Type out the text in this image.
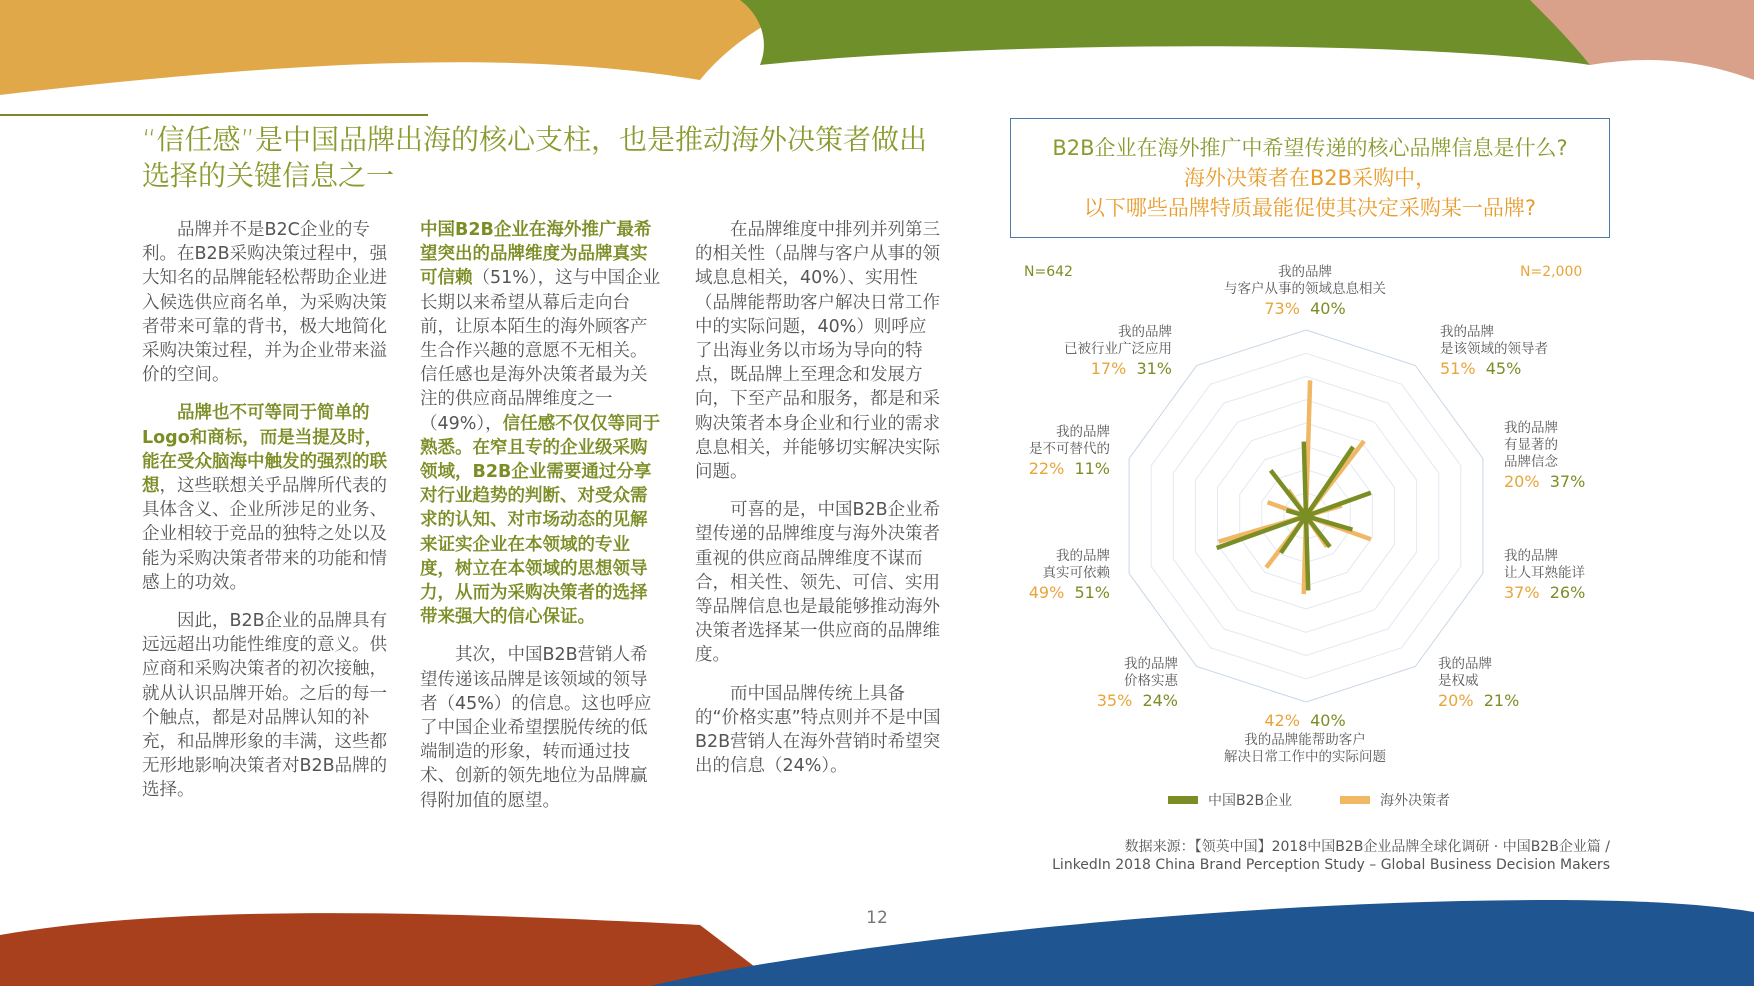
“信任感”是中国品牌出海的核心支柱，也是推动海外决策者做出选择的关键信息之一

品牌并不是B2C企业的专利。在B2B采购决策过程中，强大知名的品牌能轻松帮助企业进入候选供应商名单，为采购决策者带来可靠的背书，极大地简化采购决策过程，并为企业带来溢价的空间。

品牌也不可等同于简单的Logo和商标，而是当提及时，能在受众脑海中触发的强烈的联想，这些联想关乎品牌所代表的具体含义、企业所涉足的业务、企业相较于竞品的独特之处以及能为采购决策者带来的功能和情感上的功效。

因此，B2B企业的品牌具有远远超出功能性维度的意义。供应商和采购决策者的初次接触，就从认识品牌开始。之后的每一个触点，都是对品牌认知的补充，和品牌形象的丰满，这些都无形地影响决策者对B2B品牌的选择。

中国B2B企业在海外推广最希望突出的品牌维度为品牌真实可信赖（51%），这与中国企业长期以来希望从幕后走向台前，让原本陌生的海外顾客产生合作兴趣的意愿不无相关。信任感也是海外决策者最为关注的供应商品牌维度之一（49%），信任感不仅仅等同于熟悉。在窄且专的企业级采购领域，B2B企业需要通过分享对行业趋势的判断、对受众需求的认知、对市场动态的见解来证实企业在本领域的专业度，树立在本领域的思想领导力，从而为采购决策者的选择带来强大的信心保证。

其次，中国B2B营销人希望传递该品牌是该领域的领导者（45%）的信息。这也呼应了中国企业希望摆脱传统的低端制造的形象，转而通过技术、创新的领先地位为品牌赢得附加值的愿望。

在品牌维度中排列并列第三的相关性（品牌与客户从事的领域息息相关，40%）、实用性（品牌能帮助客户解决日常工作中的实际问题，40%）则呼应了出海业务以市场为导向的特点，既品牌上至理念和发展方向，下至产品和服务，都是和采购决策者本身企业和行业的需求息息相关，并能够切实解决实际问题。

可喜的是，中国B2B企业希望传递的品牌维度与海外决策者重视的供应商品牌维度不谋而合，相关性、领先、可信、实用等品牌信息也是最能够推动海外决策者选择某一供应商的品牌维度。

而中国品牌传统上具备的“价格实惠”特点则并不是中国B2B营销人在海外营销时希望突出的信息（24%）。

B2B企业在海外推广中希望传递的核心品牌信息是什么?
海外决策者在B2B采购中，
以下哪些品牌特质最能促使其决定采购某一品牌?
N=642	N=2,000
我的品牌
与客户从事的领域息息相关
73% 40%
我的品牌
是该领域的领导者
51% 45%
我的品牌
有显著的
品牌信念
20% 37%
我的品牌
让人耳熟能详
37% 26%
我的品牌
是权威
20% 21%
42% 40%
我的品牌能帮助客户
解决日常工作中的实际问题
我的品牌
价格实惠
35% 24%
我的品牌
真实可依赖
49% 51%
我的品牌
是不可替代的
22% 11%
我的品牌
已被行业广泛应用
17% 31%
中国B2B企业	海外决策者
数据来源：【领英中国】2018中国B2B企业品牌全球化调研 · 中国B2B企业篇 /
LinkedIn 2018 China Brand Perception Study – Global Business Decision Makers
12
